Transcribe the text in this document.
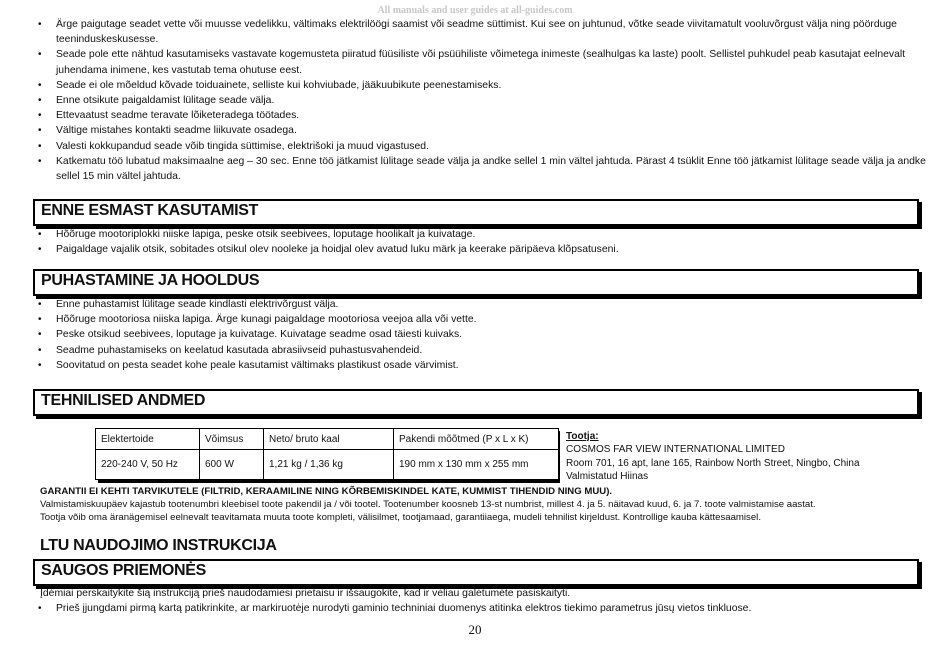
All manuals and user guides at all-guides.com
• Ärge paigutage seadet vette või muusse vedelikku, vältimaks elektrilöögi saamist või seadme süttimist. Kui see on juhtunud, võtke seade viivitamatult vooluvõrgust välja ning pöörduge teeninduskeskusesse.
• Seade pole ette nähtud kasutamiseks vastavate kogemusteta piiratud füüsiliste või psüühiliste võimetega inimeste (sealhulgas ka laste) poolt. Sellistel puhkudel peab kasutajat eelnevalt juhendama inimene, kes vastutab tema ohutuse eest.
• Seade ei ole mõeldud kõvade toiduainete, selliste kui kohviubade, jääkuubikute peenestamiseks.
• Enne otsikute paigaldamist lülitage seade välja.
• Ettevaatust seadme teravate lõiketeradega töötades.
• Vältige mistahes kontakti seadme liikuvate osadega.
• Valesti kokkupandud seade võib tingida süttimise, elektrišoki ja muud vigastused.
• Katkematu töö lubatud maksimaalne aeg – 30 sec. Enne töö jätkamist lülitage seade välja ja andke sellel 1 min vältel jahtuda. Pärast 4 tsüklit Enne töö jätkamist lülitage seade välja ja andke sellel 15 min vältel jahtuda.
ENNE ESMAST KASUTAMIST
• Hõõruge mootoriplokki niiske lapiga, peske otsik seebivees, loputage hoolikalt ja kuivatage.
• Paigaldage vajalik otsik, sobitades otsikul olev nooleke ja hoidjal olev avatud luku märk ja keerake päripäeva klõpsatuseni.
PUHASTAMINE JA HOOLDUS
• Enne puhastamist lülitage seade kindlasti elektrivõrgust välja.
• Hõõruge mootoriosa niiska lapiga. Ärge kunagi paigaldage mootoriosa veejoa alla või vette.
• Peske otsikud seebivees, loputage ja kuivatage. Kuivatage seadme osad täiesti kuivaks.
• Seadme puhastamiseks on keelatud kasutada abrasiivseid puhastusvahendeid.
• Soovitatud on pesta seadet kohe peale kasutamist vältimaks plastikust osade värvimist.
TEHNILISED ANDMED
Elektertoide	Võimsus	Neto/ bruto kaal	Pakendi mõõtmed (P x L x K)
220-240 V, 50 Hz	600 W	1,21 kg / 1,36 kg	190 mm x 130 mm x 255 mm
Tootja:
COSMOS FAR VIEW INTERNATIONAL LIMITED
Room 701, 16 apt, lane 165, Rainbow North Street, Ningbo, China
Valmistatud Hiinas
GARANTII EI KEHTI TARVIKUTELE (FILTRID, KERAAMILINE NING KÕRBEMISKINDEL KATE, KUMMIST TIHENDID NING MUU).
Valmistamiskuupäev kajastub tootenumbri kleebisel toote pakendil ja / või tootel. Tootenumber koosneb 13-st numbrist, millest 4. ja 5. näitavad kuud, 6. ja 7. toote valmistamise aastat.
Tootja võib oma äranägemisel eelnevalt teavitamata muuta toote kompleti, välisilmet, tootjamaad, garantiiaega, mudeli tehnilist kirjeldust. Kontrollige kauba kättesaamisel.
LTU NAUDOJIMO INSTRUKCIJA
SAUGOS PRIEMONĖS
Įdėmiai perskaitykite šią instrukciją prieš naudodamiesi prietaisu ir išsaugokite, kad ir vėliau galėtumėte pasiskaityti.
• Prieš įjungdami pirmą kartą patikrinkite, ar markiruotėje nurodyti gaminio techniniai duomenys atitinka elektros tiekimo parametrus jūsų vietos tinkluose.
20
